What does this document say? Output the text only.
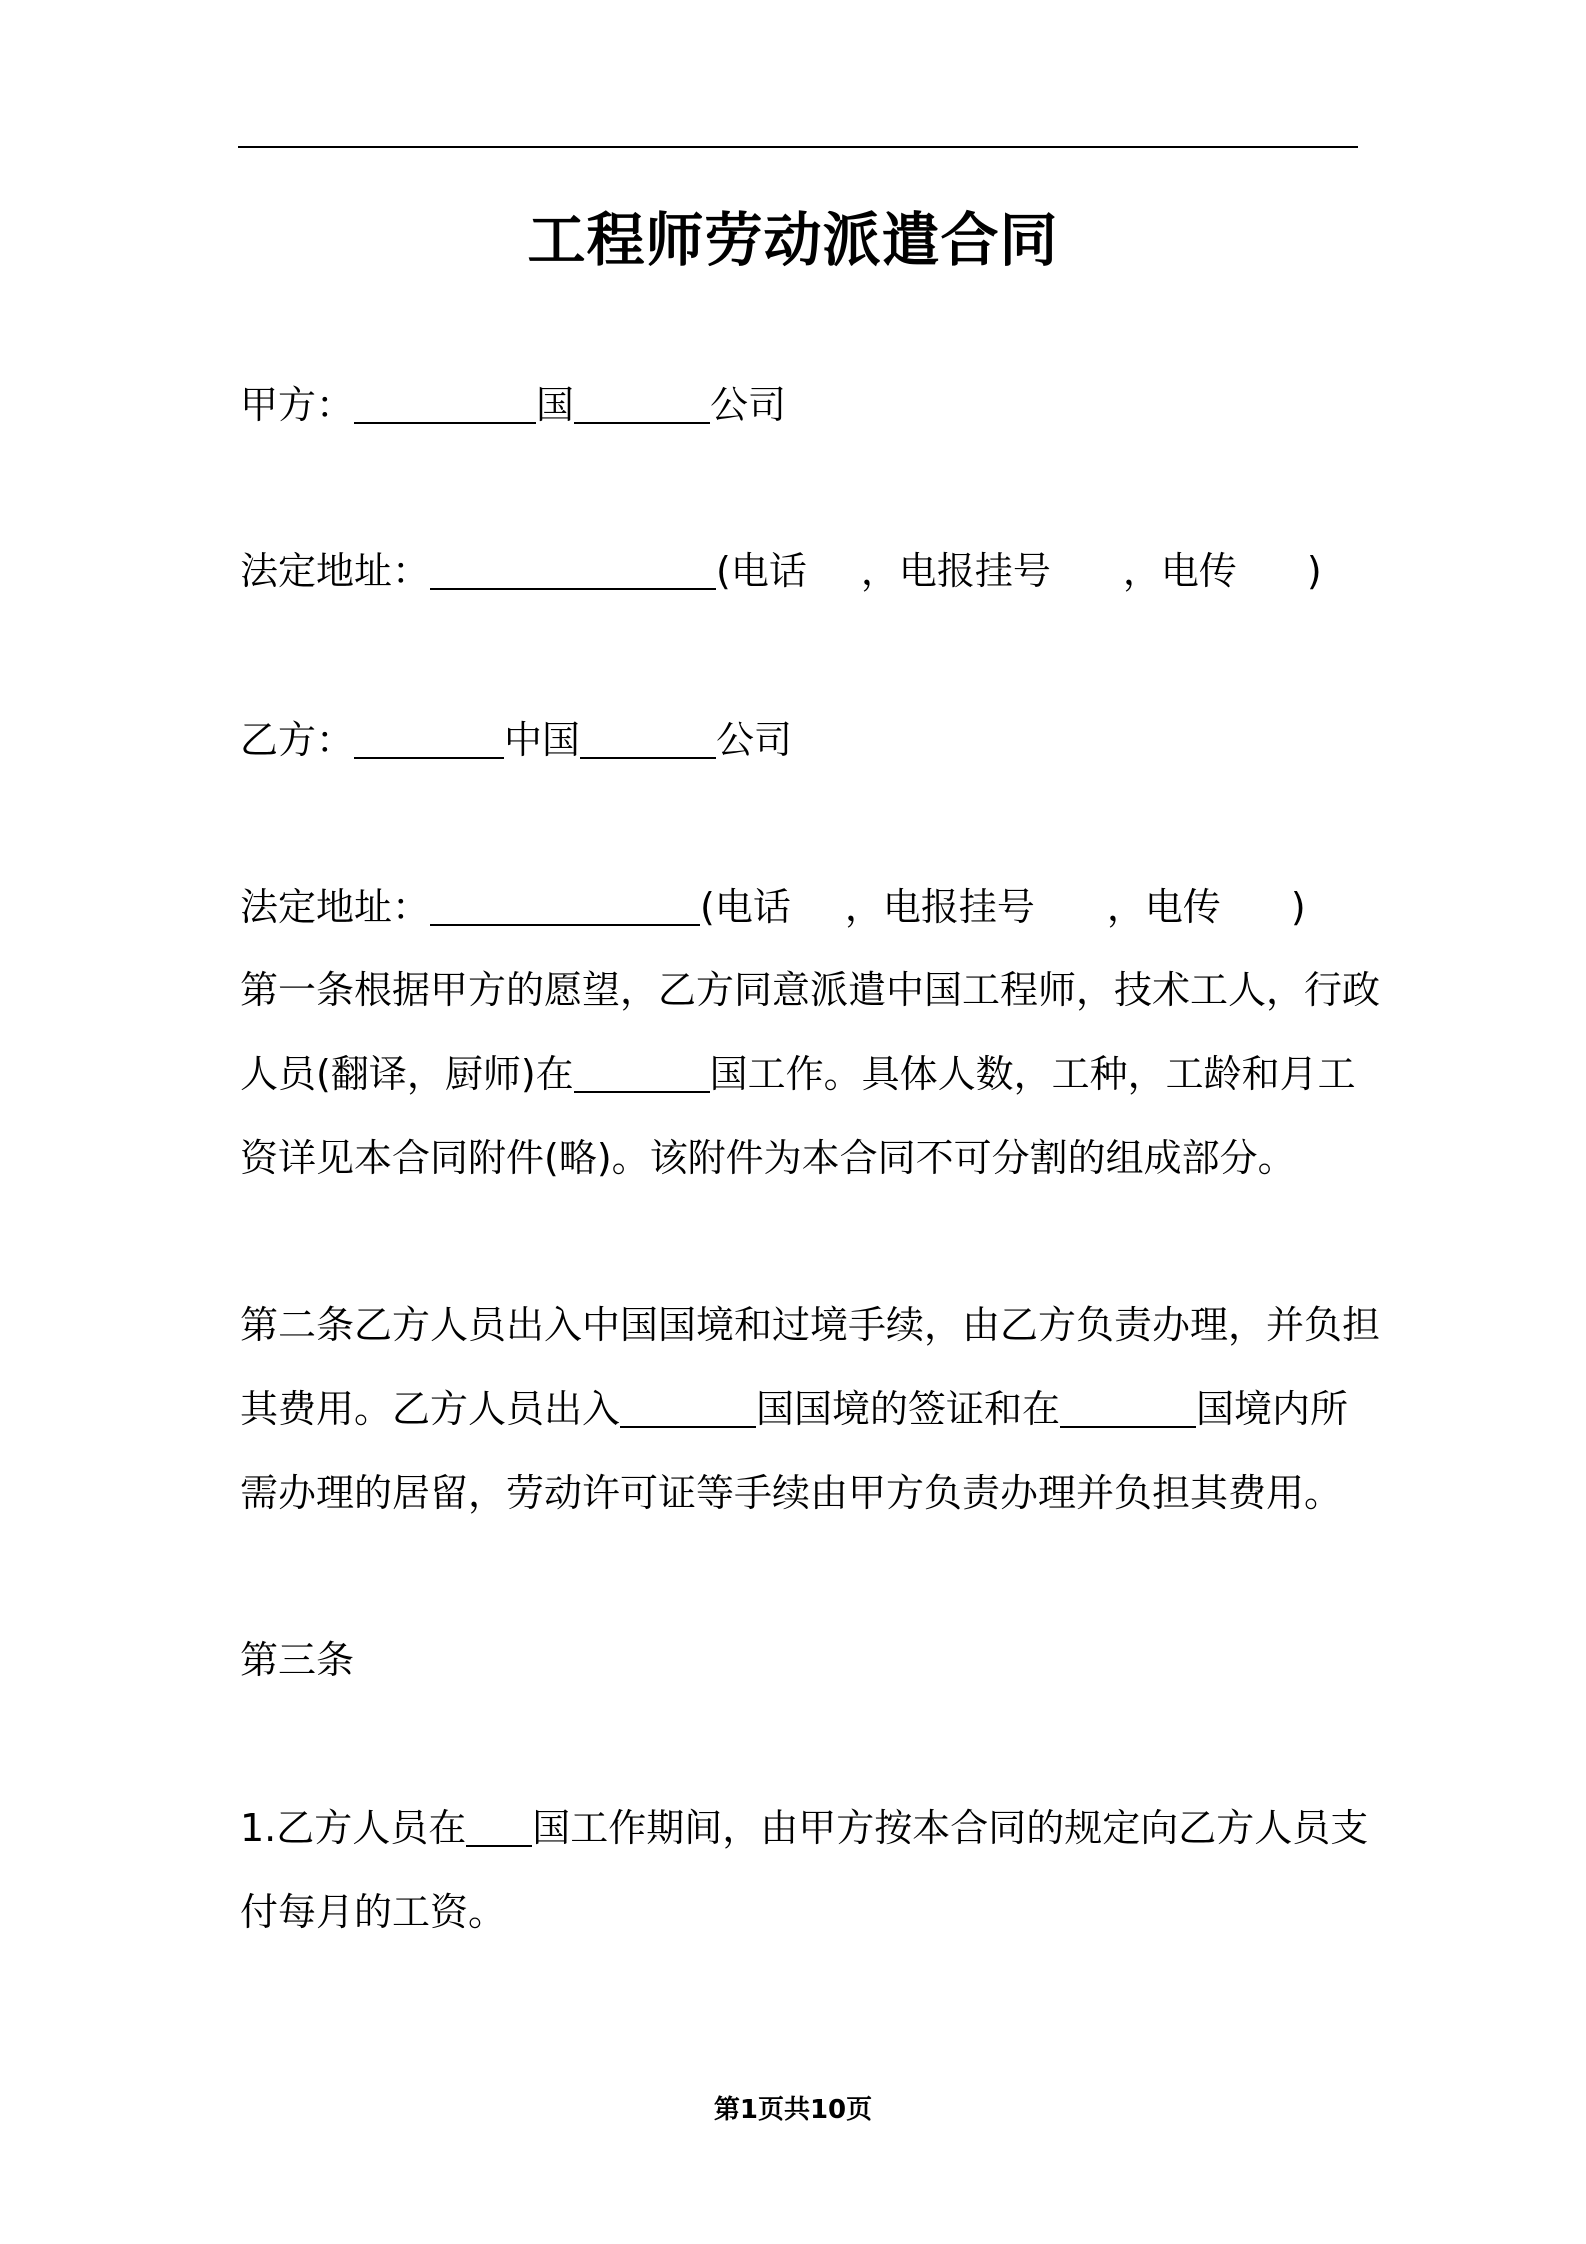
工程师劳动派遣合同
甲方：	国	公司
法定地址：	(电话 ，电报挂号 ，电传 )
乙方：	中国	公司
法定地址：	(电话 ，电报挂号 ，电传 )
第一条根据甲方的愿望，乙方同意派遣中国工程师，技术工人，行政
人员(翻译，厨师)在	国工作。具体人数，工种，工龄和月工
资详见本合同附件(略)。该附件为本合同不可分割的组成部分。
第二条乙方人员出入中国国境和过境手续，由乙方负责办理，并负担
其费用。乙方人员出入	国国境的签证和在	国境内所
需办理的居留，劳动许可证等手续由甲方负责办理并负担其费用。
第三条
1.乙方人员在 国工作期间，由甲方按本合同的规定向乙方人员支
付每月的工资。
第1页共10页
